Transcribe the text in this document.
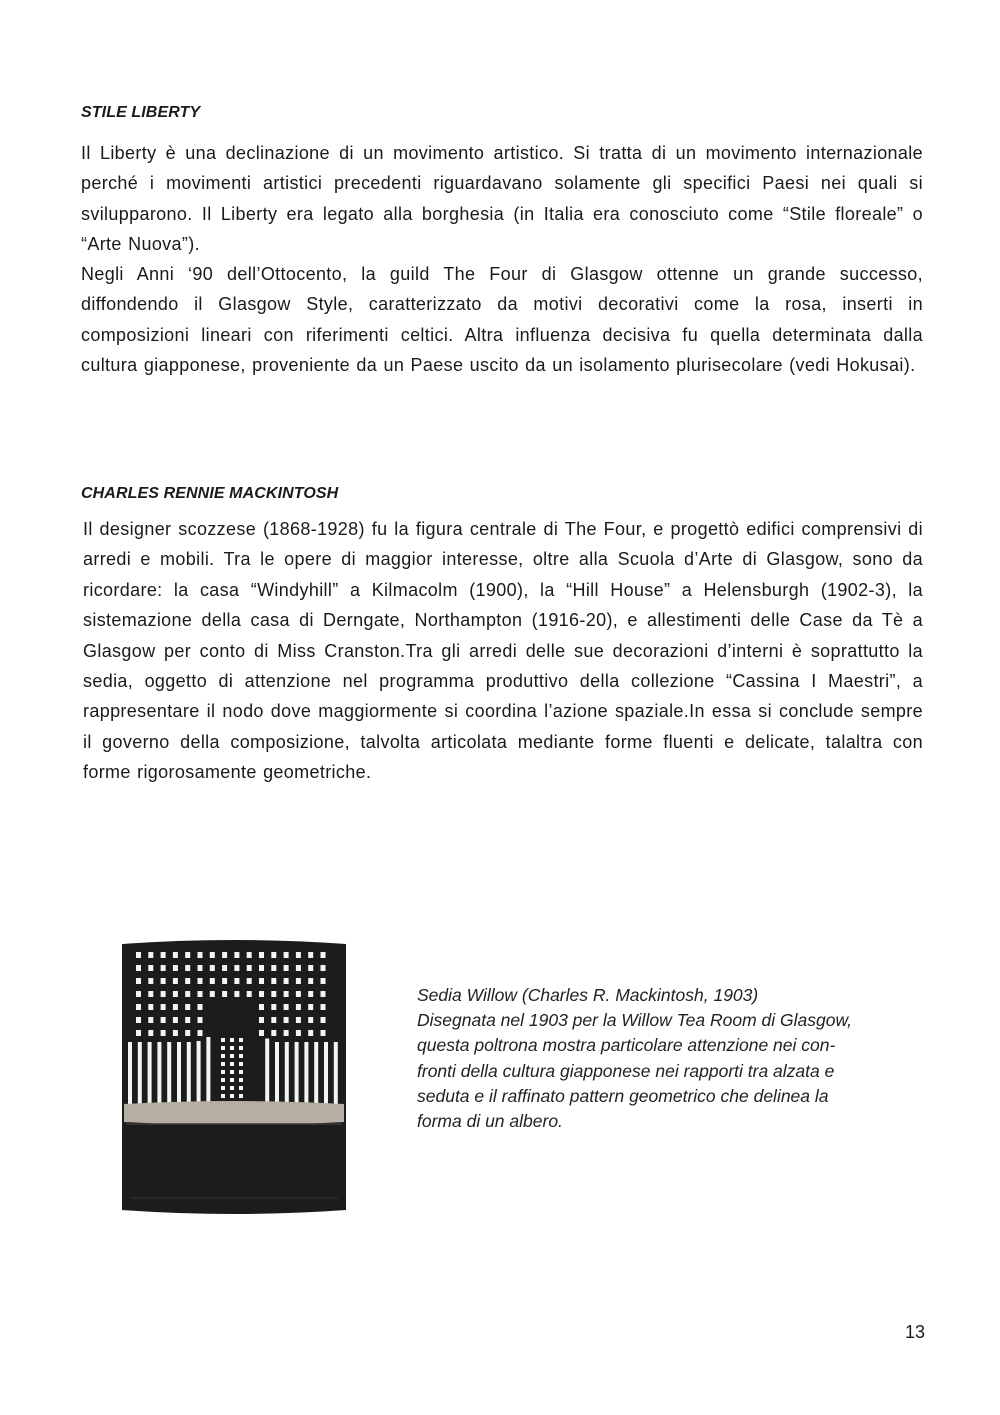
STILE LIBERTY

Il Liberty è una declinazione di un movimento artistico. Si tratta di un movimento internazionale perché i movimenti artistici precedenti riguardavano solamente gli specifici Paesi nei quali si svilupparono. Il Liberty era legato alla borghesia (in Italia era conosciuto come “Stile floreale” o “Arte Nuova”).

Negli Anni ‘90 dell’Ottocento, la guild The Four di Glasgow ottenne un grande successo, diffondendo il Glasgow Style, caratterizzato da motivi decorativi come la rosa, inserti in composizioni lineari con riferimenti celtici. Altra influenza decisiva fu quella determinata dalla cultura giapponese, proveniente da un Paese uscito da un isolamento plurisecolare (vedi Hokusai).

CHARLES RENNIE MACKINTOSH

Il designer scozzese (1868-1928) fu la figura centrale di The Four, e progettò edifici comprensivi di arredi e mobili. Tra le opere di maggior interesse, oltre alla Scuola d’Arte di Glasgow, sono da ricordare: la casa “Windyhill” a Kilmacolm (1900), la “Hill House” a Helensburgh (1902-3), la sistemazione della casa di Derngate, Northampton (1916-20), e allestimenti delle Case da Tè a Glasgow per conto di Miss Cranston.Tra gli arredi delle sue decorazioni d’interni è soprattutto la sedia, oggetto di attenzione nel programma produttivo della collezione “Cassina I Maestri”, a rappresentare il nodo dove maggiormente si coordina l’azione spaziale.In essa si conclude sempre il governo della composizione, talvolta articolata mediante forme fluenti e delicate, talaltra con forme rigorosamente geometriche.

Sedia Willow (Charles R. Mackintosh, 1903)
Disegnata nel 1903 per la Willow Tea Room di Glasgow,
questa poltrona mostra particolare attenzione nei con-
fronti della cultura giapponese nei rapporti tra alzata e
seduta e il raffinato pattern geometrico che delinea la
forma di un albero.
13
